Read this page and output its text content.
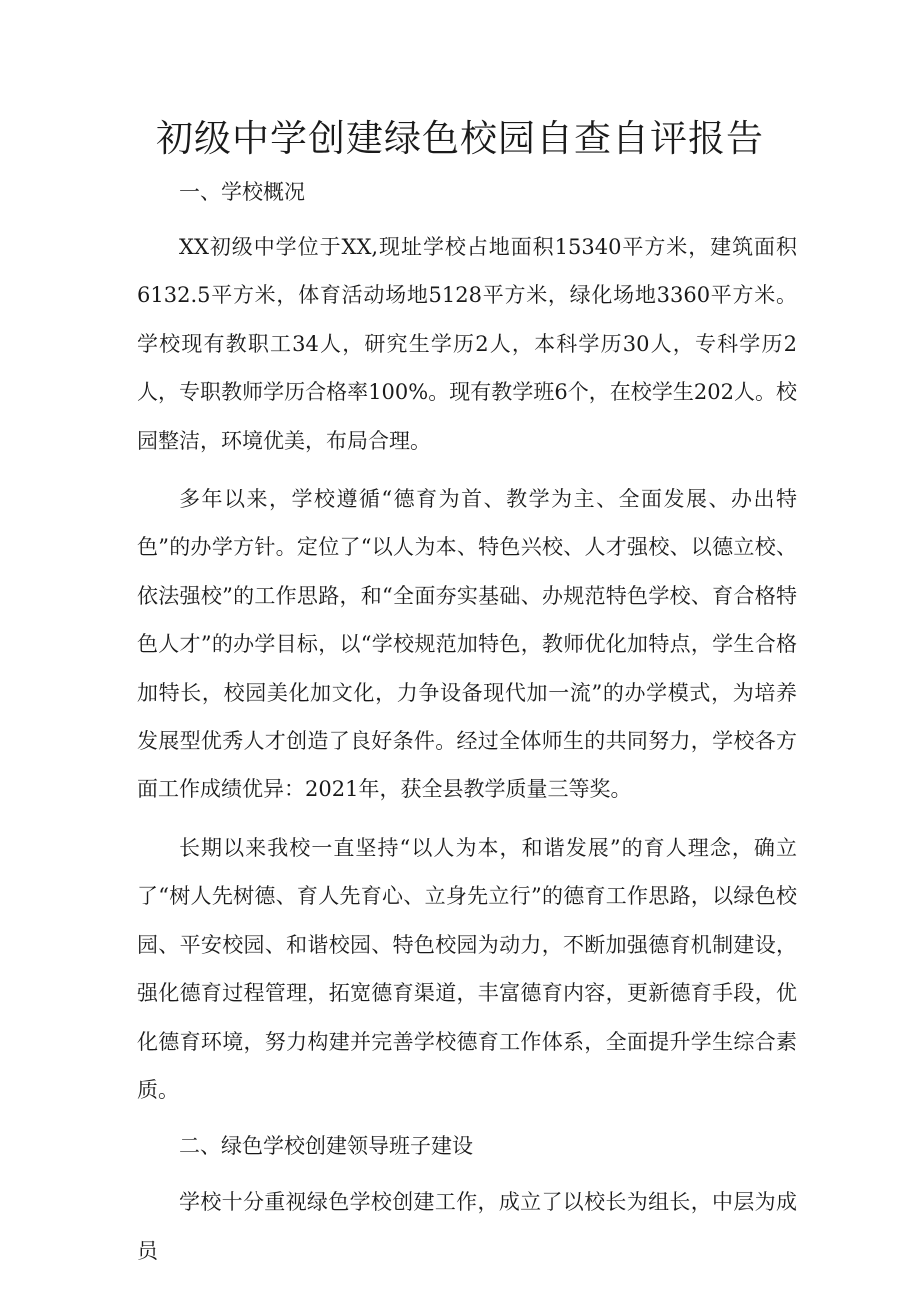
初级中学创建绿色校园自查自评报告

一、学校概况

XX初级中学位于XX,现址学校占地面积15340平方米，建筑面积6132.5平方米，体育活动场地5128平方米，绿化场地3360平方米。学校现有教职工34人，研究生学历2人，本科学历30人，专科学历2人，专职教师学历合格率100%。现有教学班6个，在校学生202人。校园整洁，环境优美，布局合理。

多年以来，学校遵循“德育为首、教学为主、全面发展、办出特色”的办学方针。定位了“以人为本、特色兴校、人才强校、以德立校、依法强校”的工作思路，和“全面夯实基础、办规范特色学校、育合格特色人才”的办学目标，以“学校规范加特色，教师优化加特点，学生合格加特长，校园美化加文化，力争设备现代加一流”的办学模式，为培养发展型优秀人才创造了良好条件。经过全体师生的共同努力，学校各方面工作成绩优异：2021年，获全县教学质量三等奖。

长期以来我校一直坚持“以人为本，和谐发展”的育人理念，确立了“树人先树德、育人先育心、立身先立行”的德育工作思路，以绿色校园、平安校园、和谐校园、特色校园为动力，不断加强德育机制建设，强化德育过程管理，拓宽德育渠道，丰富德育内容，更新德育手段，优化德育环境，努力构建并完善学校德育工作体系，全面提升学生综合素质。

二、绿色学校创建领导班子建设

学校十分重视绿色学校创建工作，成立了以校长为组长，中层为成员
